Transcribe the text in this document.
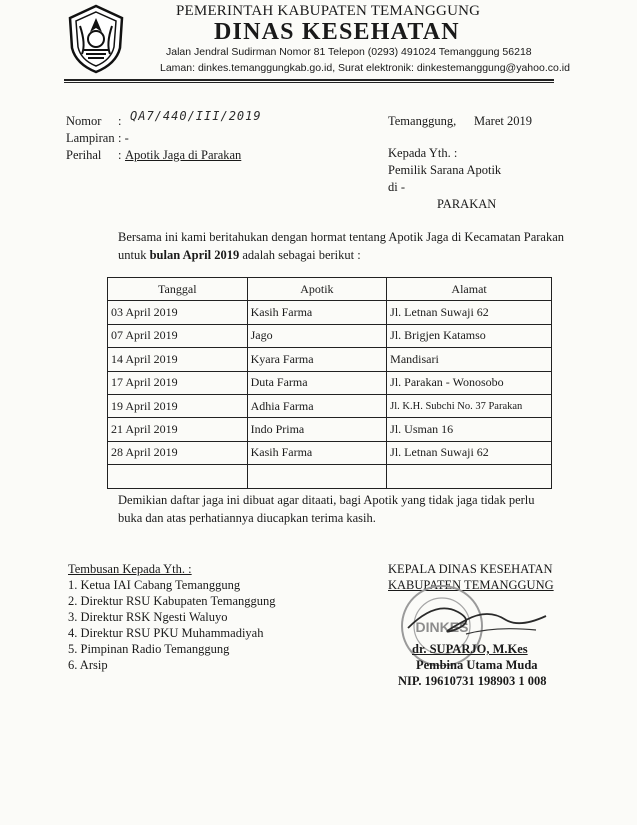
PEMERINTAH KABUPATEN TEMANGGUNG
DINAS KESEHATAN
Jalan Jendral Sudirman Nomor 81 Telepon (0293) 491024 Temanggung 56218
Laman: dinkes.temanggungkab.go.id, Surat elektronik: dinkestemanggung@yahoo.co.id
Nomor : QA7/440/III/2019
Lampiran : -
Perihal : Apotik Jaga di Parakan
Temanggung, Maret 2019
Kepada Yth. :
Pemilik Sarana Apotik
di -
PARAKAN
Bersama ini kami beritahukan dengan hormat tentang Apotik Jaga di Kecamatan Parakan
untuk bulan April 2019 adalah sebagai berikut :
Tanggal	Apotik	Alamat
03 April 2019	Kasih Farma	Jl. Letnan Suwaji 62
07 April 2019	Jago	Jl. Brigjen Katamso
14 April 2019	Kyara Farma	Mandisari
17 April 2019	Duta Farma	Jl. Parakan - Wonosobo
19 April 2019	Adhia Farma	Jl. K.H. Subchi No. 37 Parakan
21 April 2019	Indo Prima	Jl. Usman 16
28 April 2019	Kasih Farma	Jl. Letnan Suwaji 62

Demikian daftar jaga ini dibuat agar ditaati, bagi Apotik yang tidak jaga tidak perlu
buka dan atas perhatiannya diucapkan terima kasih.
Tembusan Kepada Yth. :
1. Ketua IAI Cabang Temanggung
2. Direktur RSU Kabupaten Temanggung
3. Direktur RSK Ngesti Waluyo
4. Direktur RSU PKU Muhammadiyah
5. Pimpinan Radio Temanggung
6. Arsip
KEPALA DINAS KESEHATAN
KABUPATEN TEMANGGUNG
DINKES
dr. SUPARJO, M.Kes
Pembina Utama Muda
NIP. 19610731 198903 1 008
